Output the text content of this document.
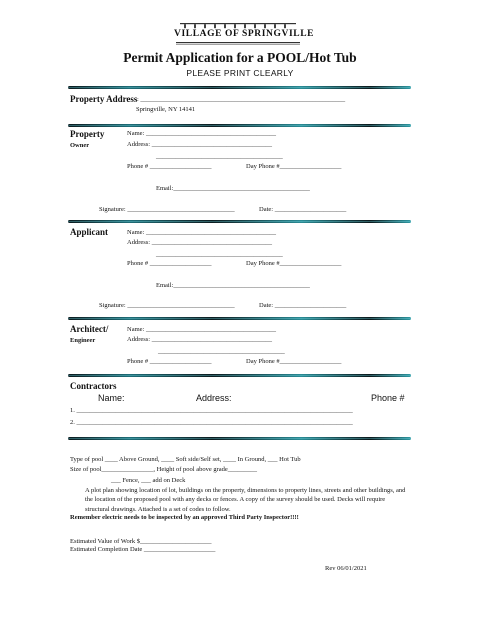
VILLAGE OF SPRINGVILLE
Permit Application for a POOL/Hot Tub
PLEASE PRINT CLEARLY
Property Address : _______________________________________________________________
Springville, NY 14141
Property
Owner
Name: ________________________________________
Address: _____________________________________
_______________________________________
Phone # ___________________	Day Phone #___________________
Email:__________________________________________
Signature: _________________________________	Date: ______________________
Applicant	Name: ________________________________________
Address: _____________________________________
_______________________________________
Phone # ___________________	Day Phone #___________________
Email:__________________________________________
Signature: _________________________________	Date: ______________________
Architect/
Engineer
Name: ________________________________________
Address: _____________________________________
_______________________________________
Phone # ___________________	Day Phone #___________________
Contractors
Name:	Address:	Phone #
1. _____________________________________________________________________________________
2. _____________________________________________________________________________________
Type of pool ____ Above Ground, ____ Soft side/Self set, ____ In Ground, ___ Hot Tub
Size of pool________________, Height of pool above grade_________
___ Fence, ___ add on Deck
A plot plan showing location of lot, buildings on the property, dimensions to property lines, streets and other buildings, and the location of the proposed pool with any decks or fences. A copy of the survey should be used. Decks will require structural drawings. Attached is a set of codes to follow.
Remember electric needs to be inspected by an approved Third Party Inspector!!!!
Estimated Value of Work $______________________
Estimated Completion Date ______________________
Rev 06/01/2021
